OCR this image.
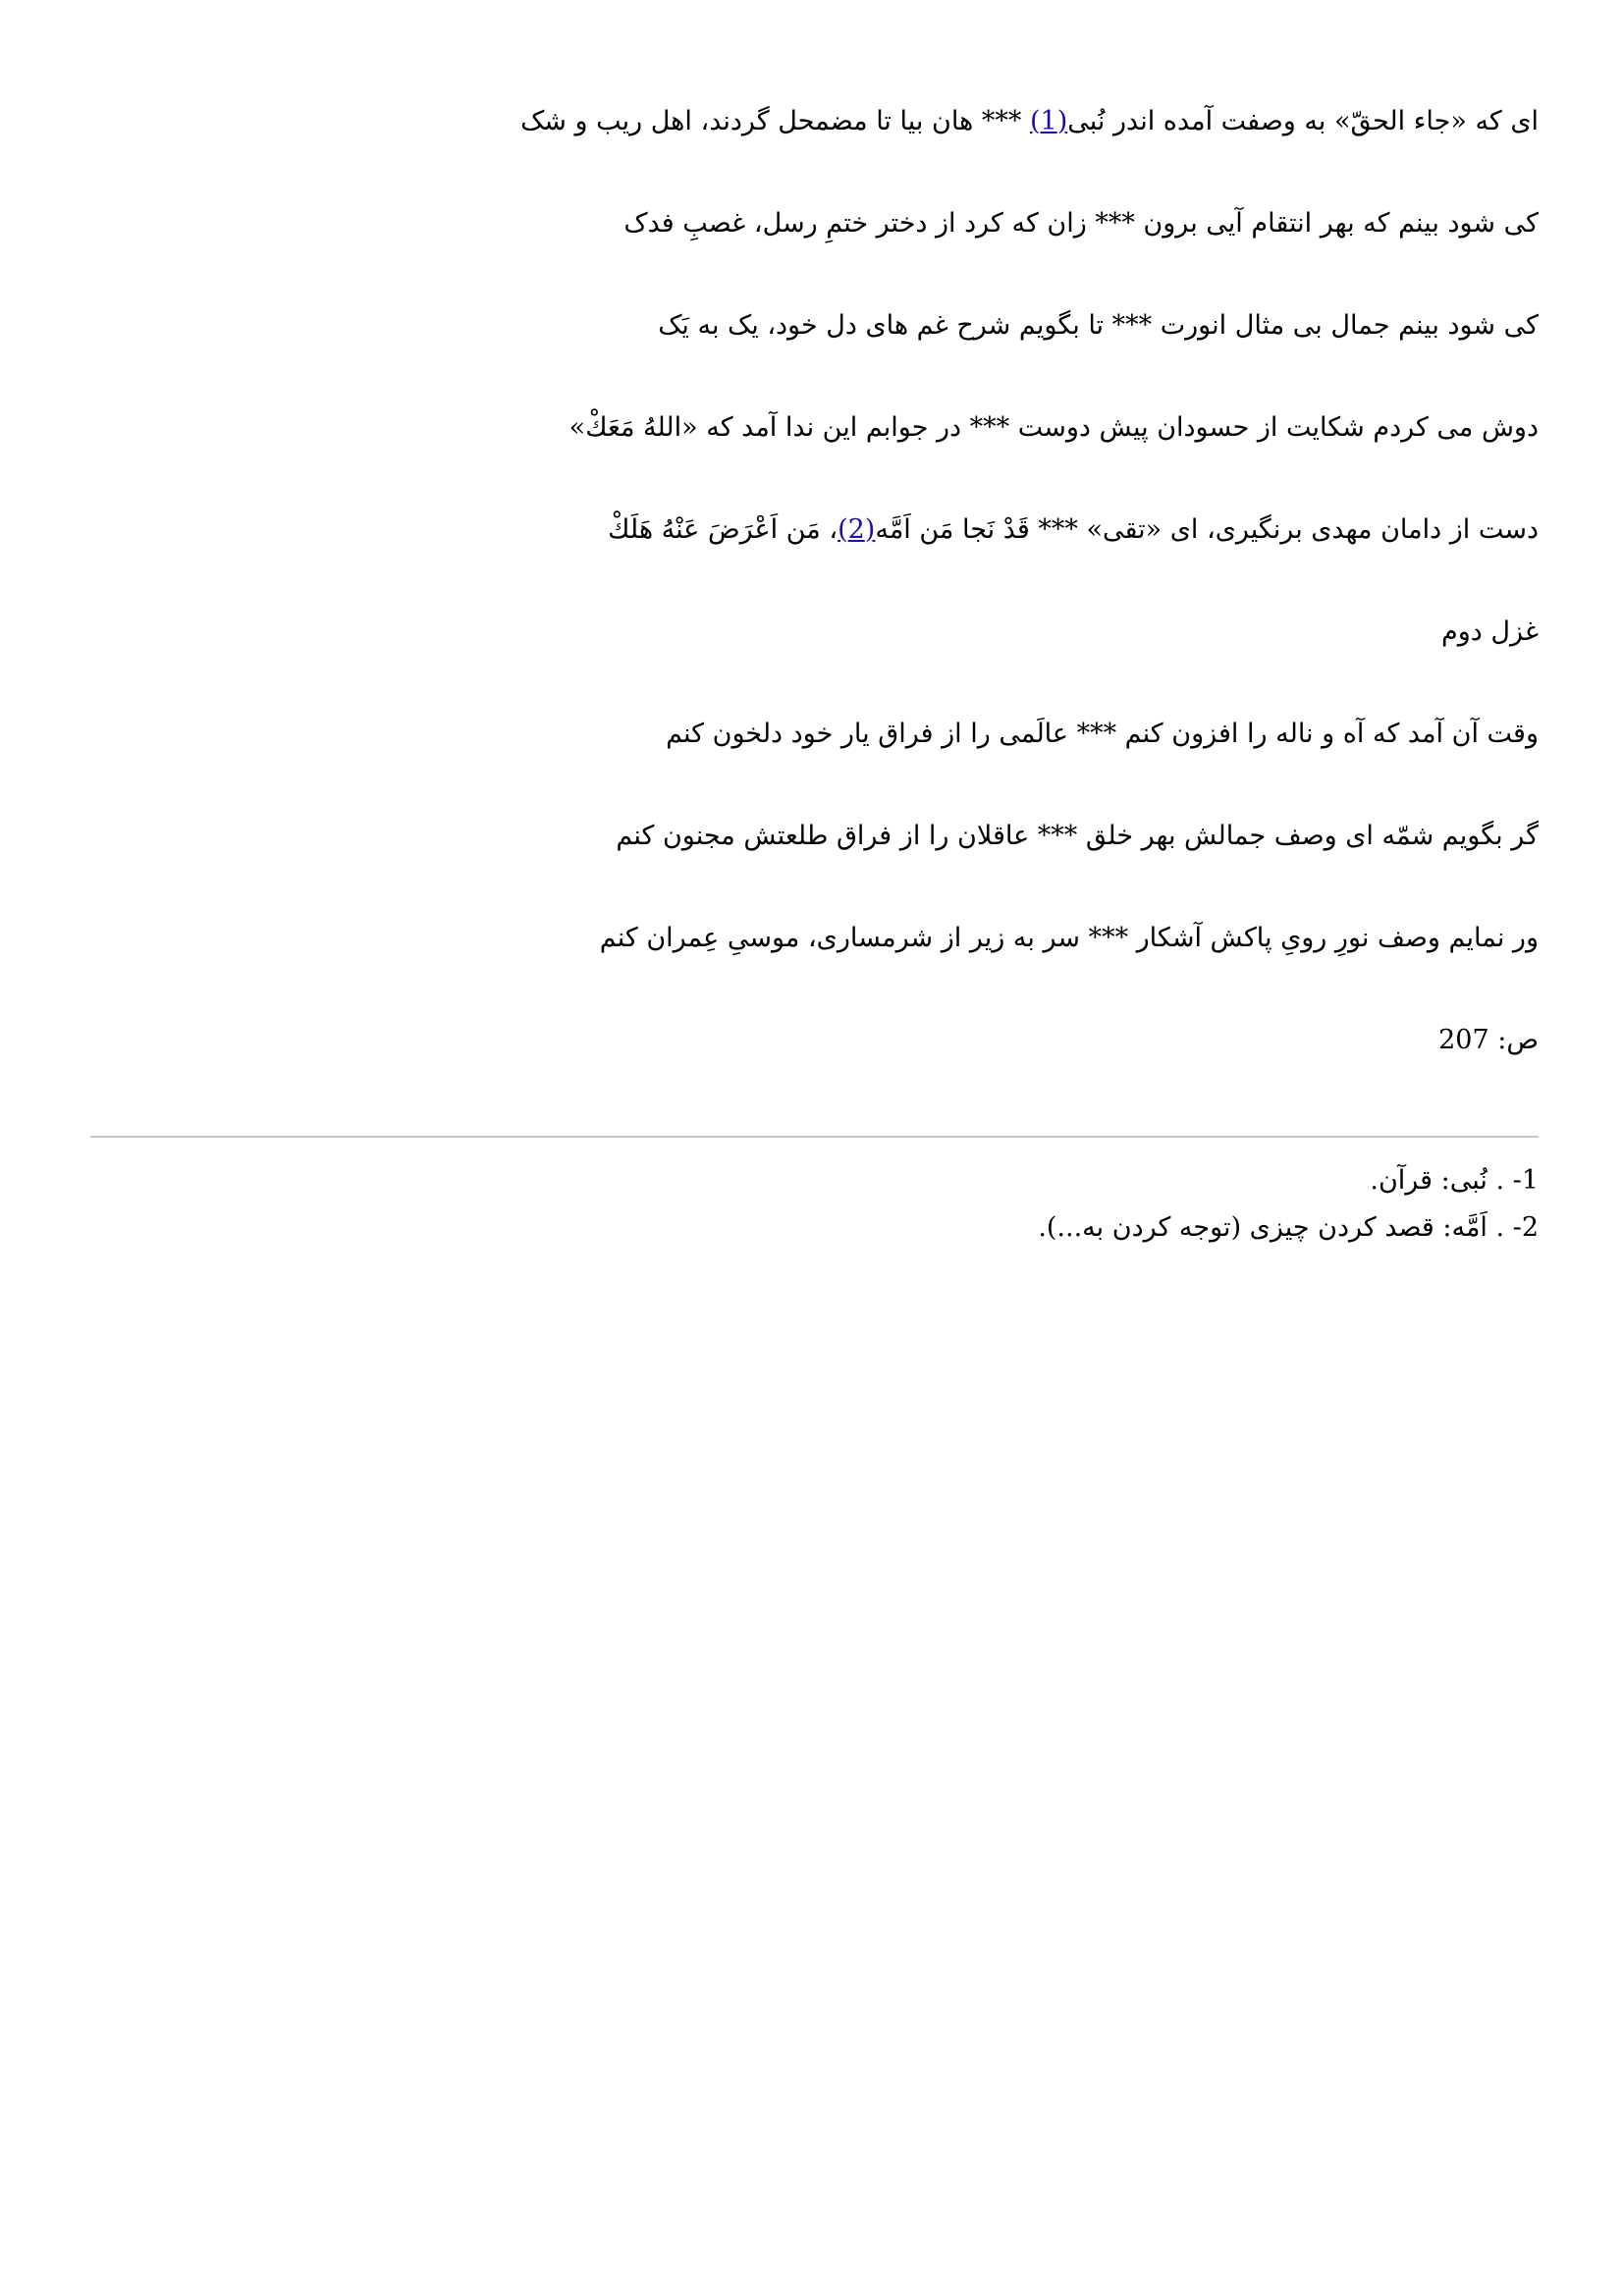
ای که «جاء الحقّ» به وصفت آمده اندر نُبی(1) *** هان بیا تا مضمحل گردند، اهل ریب و شک
کی شود بینم که بهر انتقام آیی برون *** زان که کرد از دختر ختمِ رسل، غصبِ فدک
کی شود بینم جمال بی مثال انورت *** تا بگویم شرح غم های دل خود، یک به یَک
دوش می کردم شکایت از حسودان پیش دوست *** در جوابم این ندا آمد که «اللهُ مَعَكْ»
دست از دامان مهدی برنگیری، ای «تقی» *** قَدْ نَجا مَن اَمَّه(2)، مَن اَعْرَضَ عَنْهُ هَلَكْ
غزل دوم
وقت آن آمد که آه و ناله را افزون کنم *** عالَمی را از فراق یار خود دلخون کنم
گر بگویم شمّه ای وصف جمالش بهر خلق *** عاقلان را از فراق طلعتش مجنون کنم
ور نمایم وصف نورِ رویِ پاکش آشکار *** سر به زیر از شرمساری، موسیِ عِمران کنم
ص: 207
1- . نُبی: قرآن.
2- . اَمَّه: قصد کردن چیزی (توجه کردن به...).
